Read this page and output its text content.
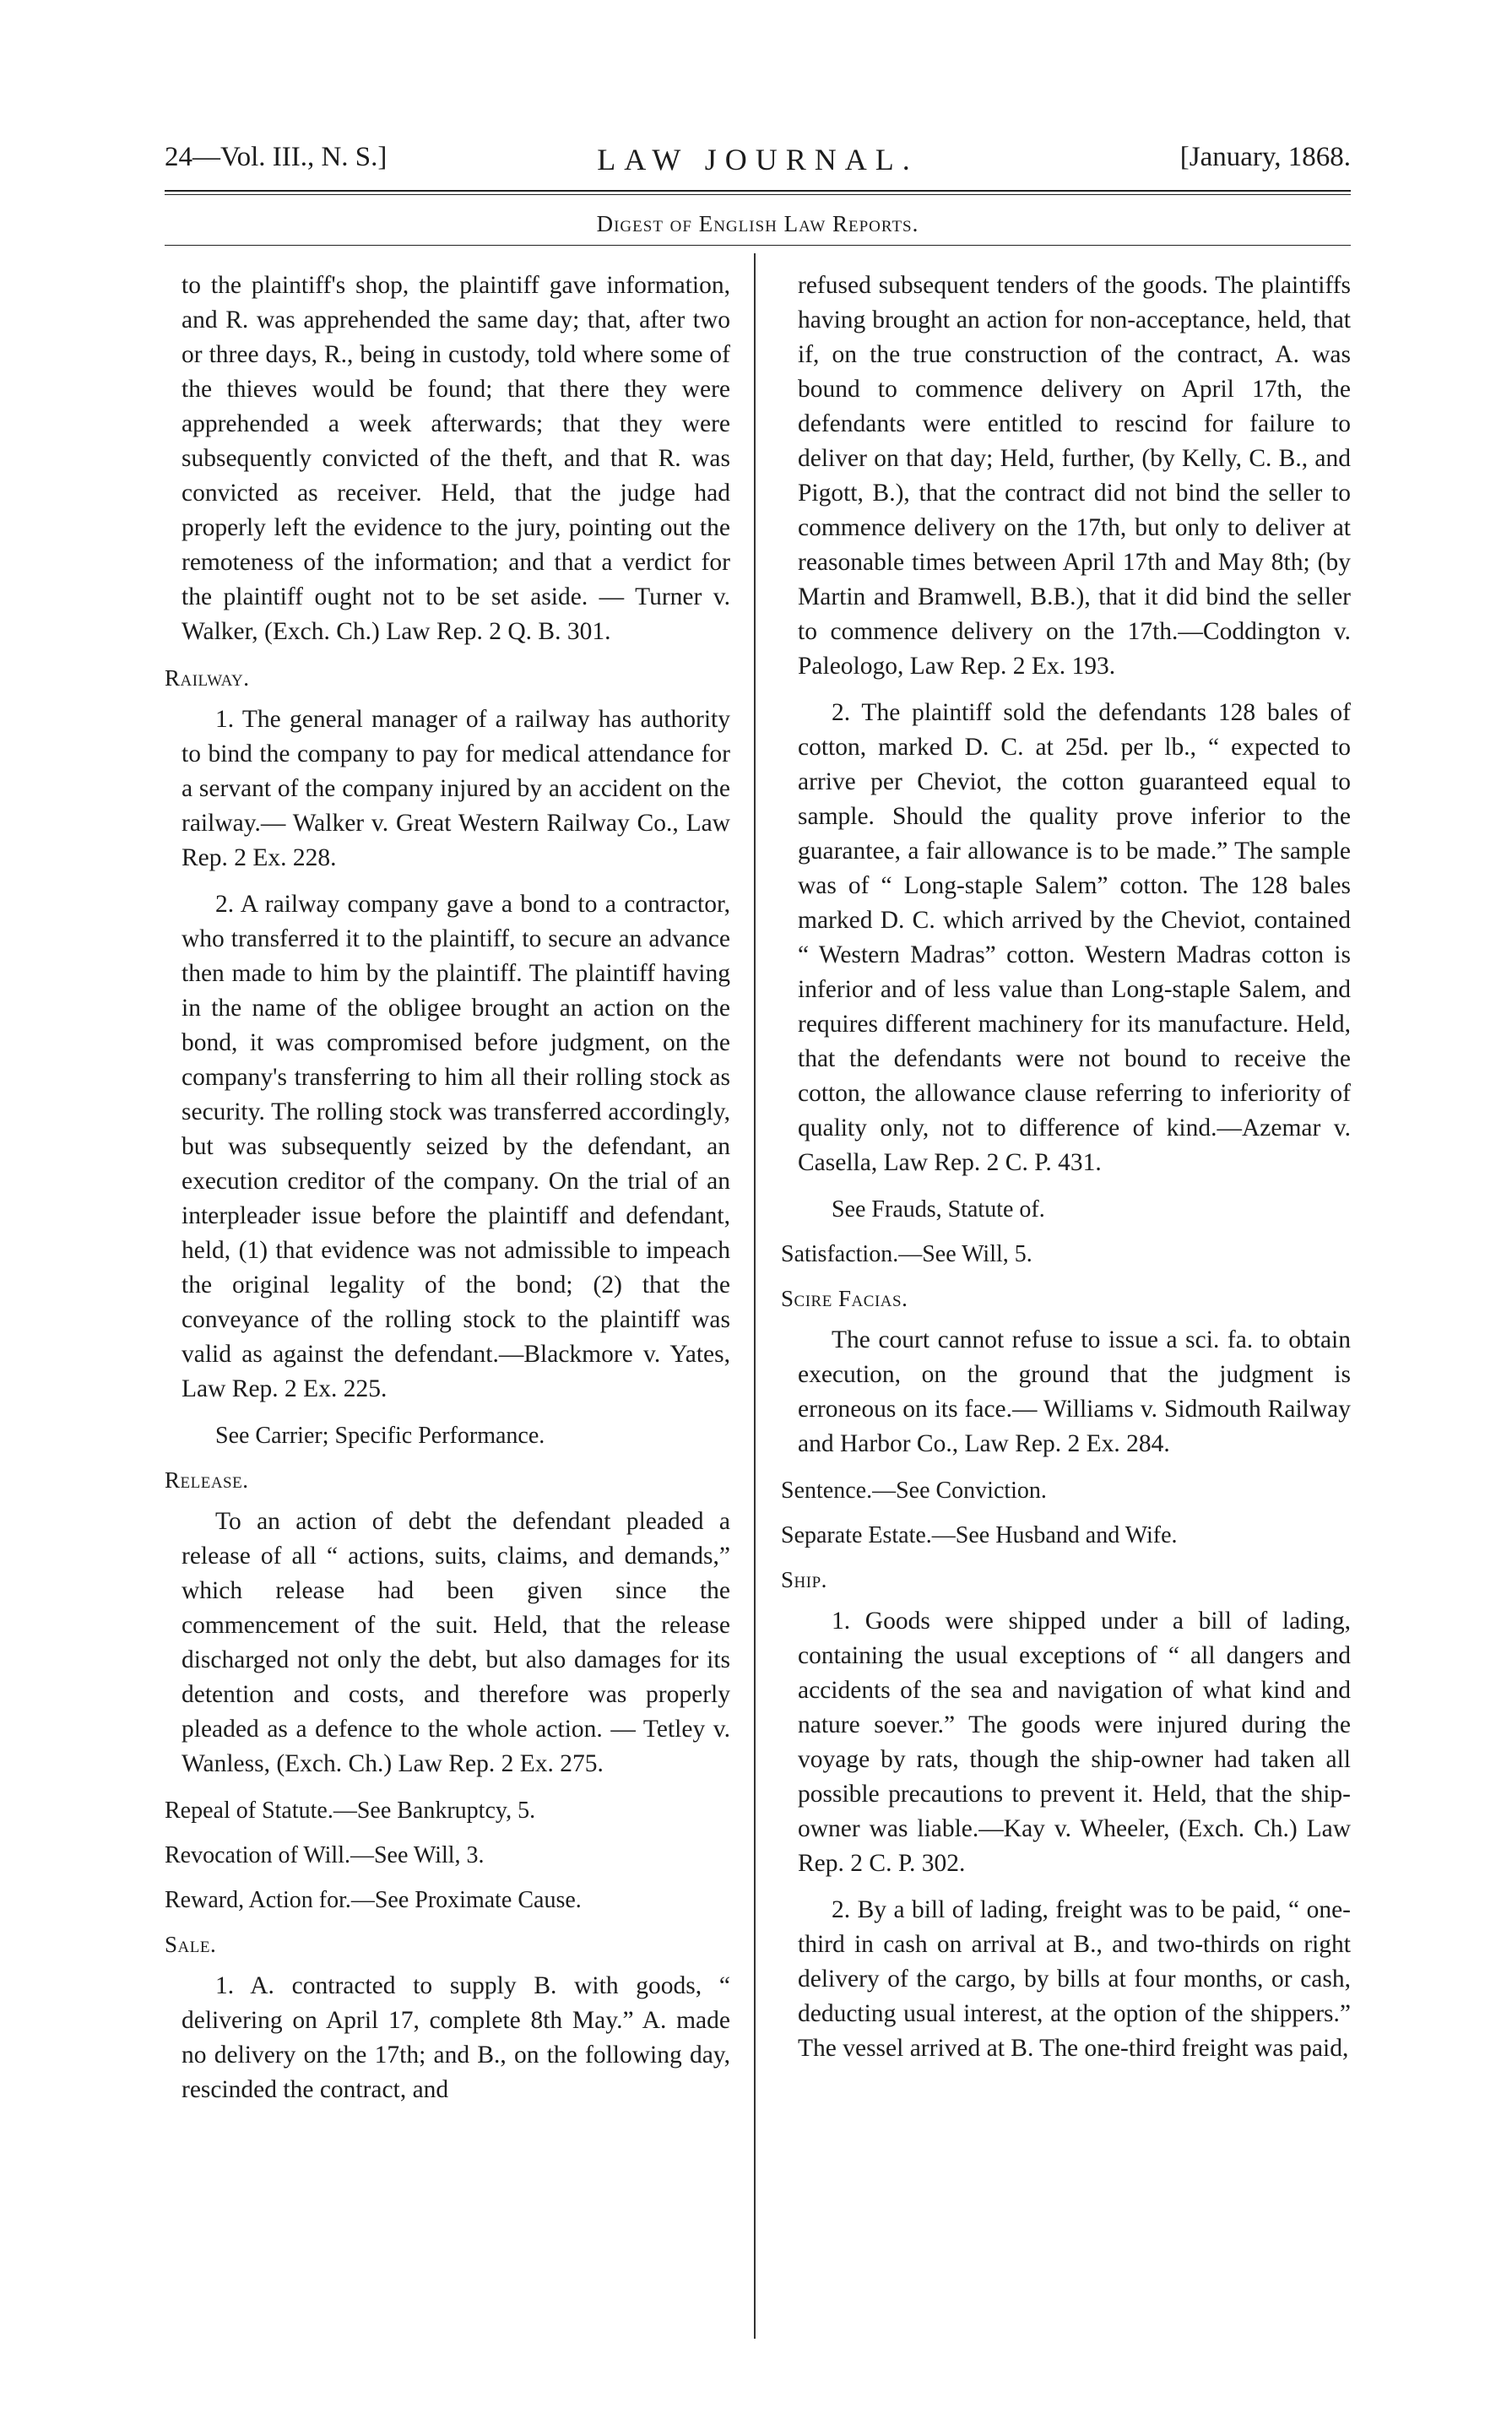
24—Vol. III., N. S.]	LAW JOURNAL.	[January, 1868.
Digest of English Law Reports.

to the plaintiff's shop, the plaintiff gave information, and R. was apprehended the same day; that, after two or three days, R., being in custody, told where some of the thieves would be found; that there they were apprehended a week afterwards; that they were subsequently convicted of the theft, and that R. was convicted as receiver. Held, that the judge had properly left the evidence to the jury, pointing out the remoteness of the information; and that a verdict for the plaintiff ought not to be set aside. — Turner v. Walker, (Exch. Ch.) Law Rep. 2 Q. B. 301.

Railway.

1. The general manager of a railway has authority to bind the company to pay for medical attendance for a servant of the company injured by an accident on the railway.— Walker v. Great Western Railway Co., Law Rep. 2 Ex. 228.

2. A railway company gave a bond to a contractor, who transferred it to the plaintiff, to secure an advance then made to him by the plaintiff. The plaintiff having in the name of the obligee brought an action on the bond, it was compromised before judgment, on the company's transferring to him all their rolling stock as security. The rolling stock was transferred accordingly, but was subsequently seized by the defendant, an execution creditor of the company. On the trial of an interpleader issue before the plaintiff and defendant, held, (1) that evidence was not admissible to impeach the original legality of the bond; (2) that the conveyance of the rolling stock to the plaintiff was valid as against the defendant.—Blackmore v. Yates, Law Rep. 2 Ex. 225.

See Carrier; Specific Performance.

Release.

To an action of debt the defendant pleaded a release of all “ actions, suits, claims, and demands,” which release had been given since the commencement of the suit. Held, that the release discharged not only the debt, but also damages for its detention and costs, and therefore was properly pleaded as a defence to the whole action. — Tetley v. Wanless, (Exch. Ch.) Law Rep. 2 Ex. 275.

Repeal of Statute.—See Bankruptcy, 5.

Revocation of Will.—See Will, 3.

Reward, Action for.—See Proximate Cause.

Sale.

1. A. contracted to supply B. with goods, “ delivering on April 17, complete 8th May.” A. made no delivery on the 17th; and B., on the following day, rescinded the contract, and

refused subsequent tenders of the goods. The plaintiffs having brought an action for non-acceptance, held, that if, on the true construction of the contract, A. was bound to commence delivery on April 17th, the defendants were entitled to rescind for failure to deliver on that day; Held, further, (by Kelly, C. B., and Pigott, B.), that the contract did not bind the seller to commence delivery on the 17th, but only to deliver at reasonable times between April 17th and May 8th; (by Martin and Bramwell, B.B.), that it did bind the seller to commence delivery on the 17th.—Coddington v. Paleologo, Law Rep. 2 Ex. 193.

2. The plaintiff sold the defendants 128 bales of cotton, marked D. C. at 25d. per lb., “ expected to arrive per Cheviot, the cotton guaranteed equal to sample. Should the quality prove inferior to the guarantee, a fair allowance is to be made.” The sample was of “ Long-staple Salem” cotton. The 128 bales marked D. C. which arrived by the Cheviot, contained “ Western Madras” cotton. Western Madras cotton is inferior and of less value than Long-staple Salem, and requires different machinery for its manufacture. Held, that the defendants were not bound to receive the cotton, the allowance clause referring to inferiority of quality only, not to difference of kind.—Azemar v. Casella, Law Rep. 2 C. P. 431.

See Frauds, Statute of.

Satisfaction.—See Will, 5.

Scire Facias.

The court cannot refuse to issue a sci. fa. to obtain execution, on the ground that the judgment is erroneous on its face.— Williams v. Sidmouth Railway and Harbor Co., Law Rep. 2 Ex. 284.

Sentence.—See Conviction.

Separate Estate.—See Husband and Wife.

Ship.

1. Goods were shipped under a bill of lading, containing the usual exceptions of “ all dangers and accidents of the sea and navigation of what kind and nature soever.” The goods were injured during the voyage by rats, though the ship-owner had taken all possible precautions to prevent it. Held, that the ship-owner was liable.—Kay v. Wheeler, (Exch. Ch.) Law Rep. 2 C. P. 302.

2. By a bill of lading, freight was to be paid, “ one-third in cash on arrival at B., and two-thirds on right delivery of the cargo, by bills at four months, or cash, deducting usual interest, at the option of the shippers.” The vessel arrived at B. The one-third freight was paid,
